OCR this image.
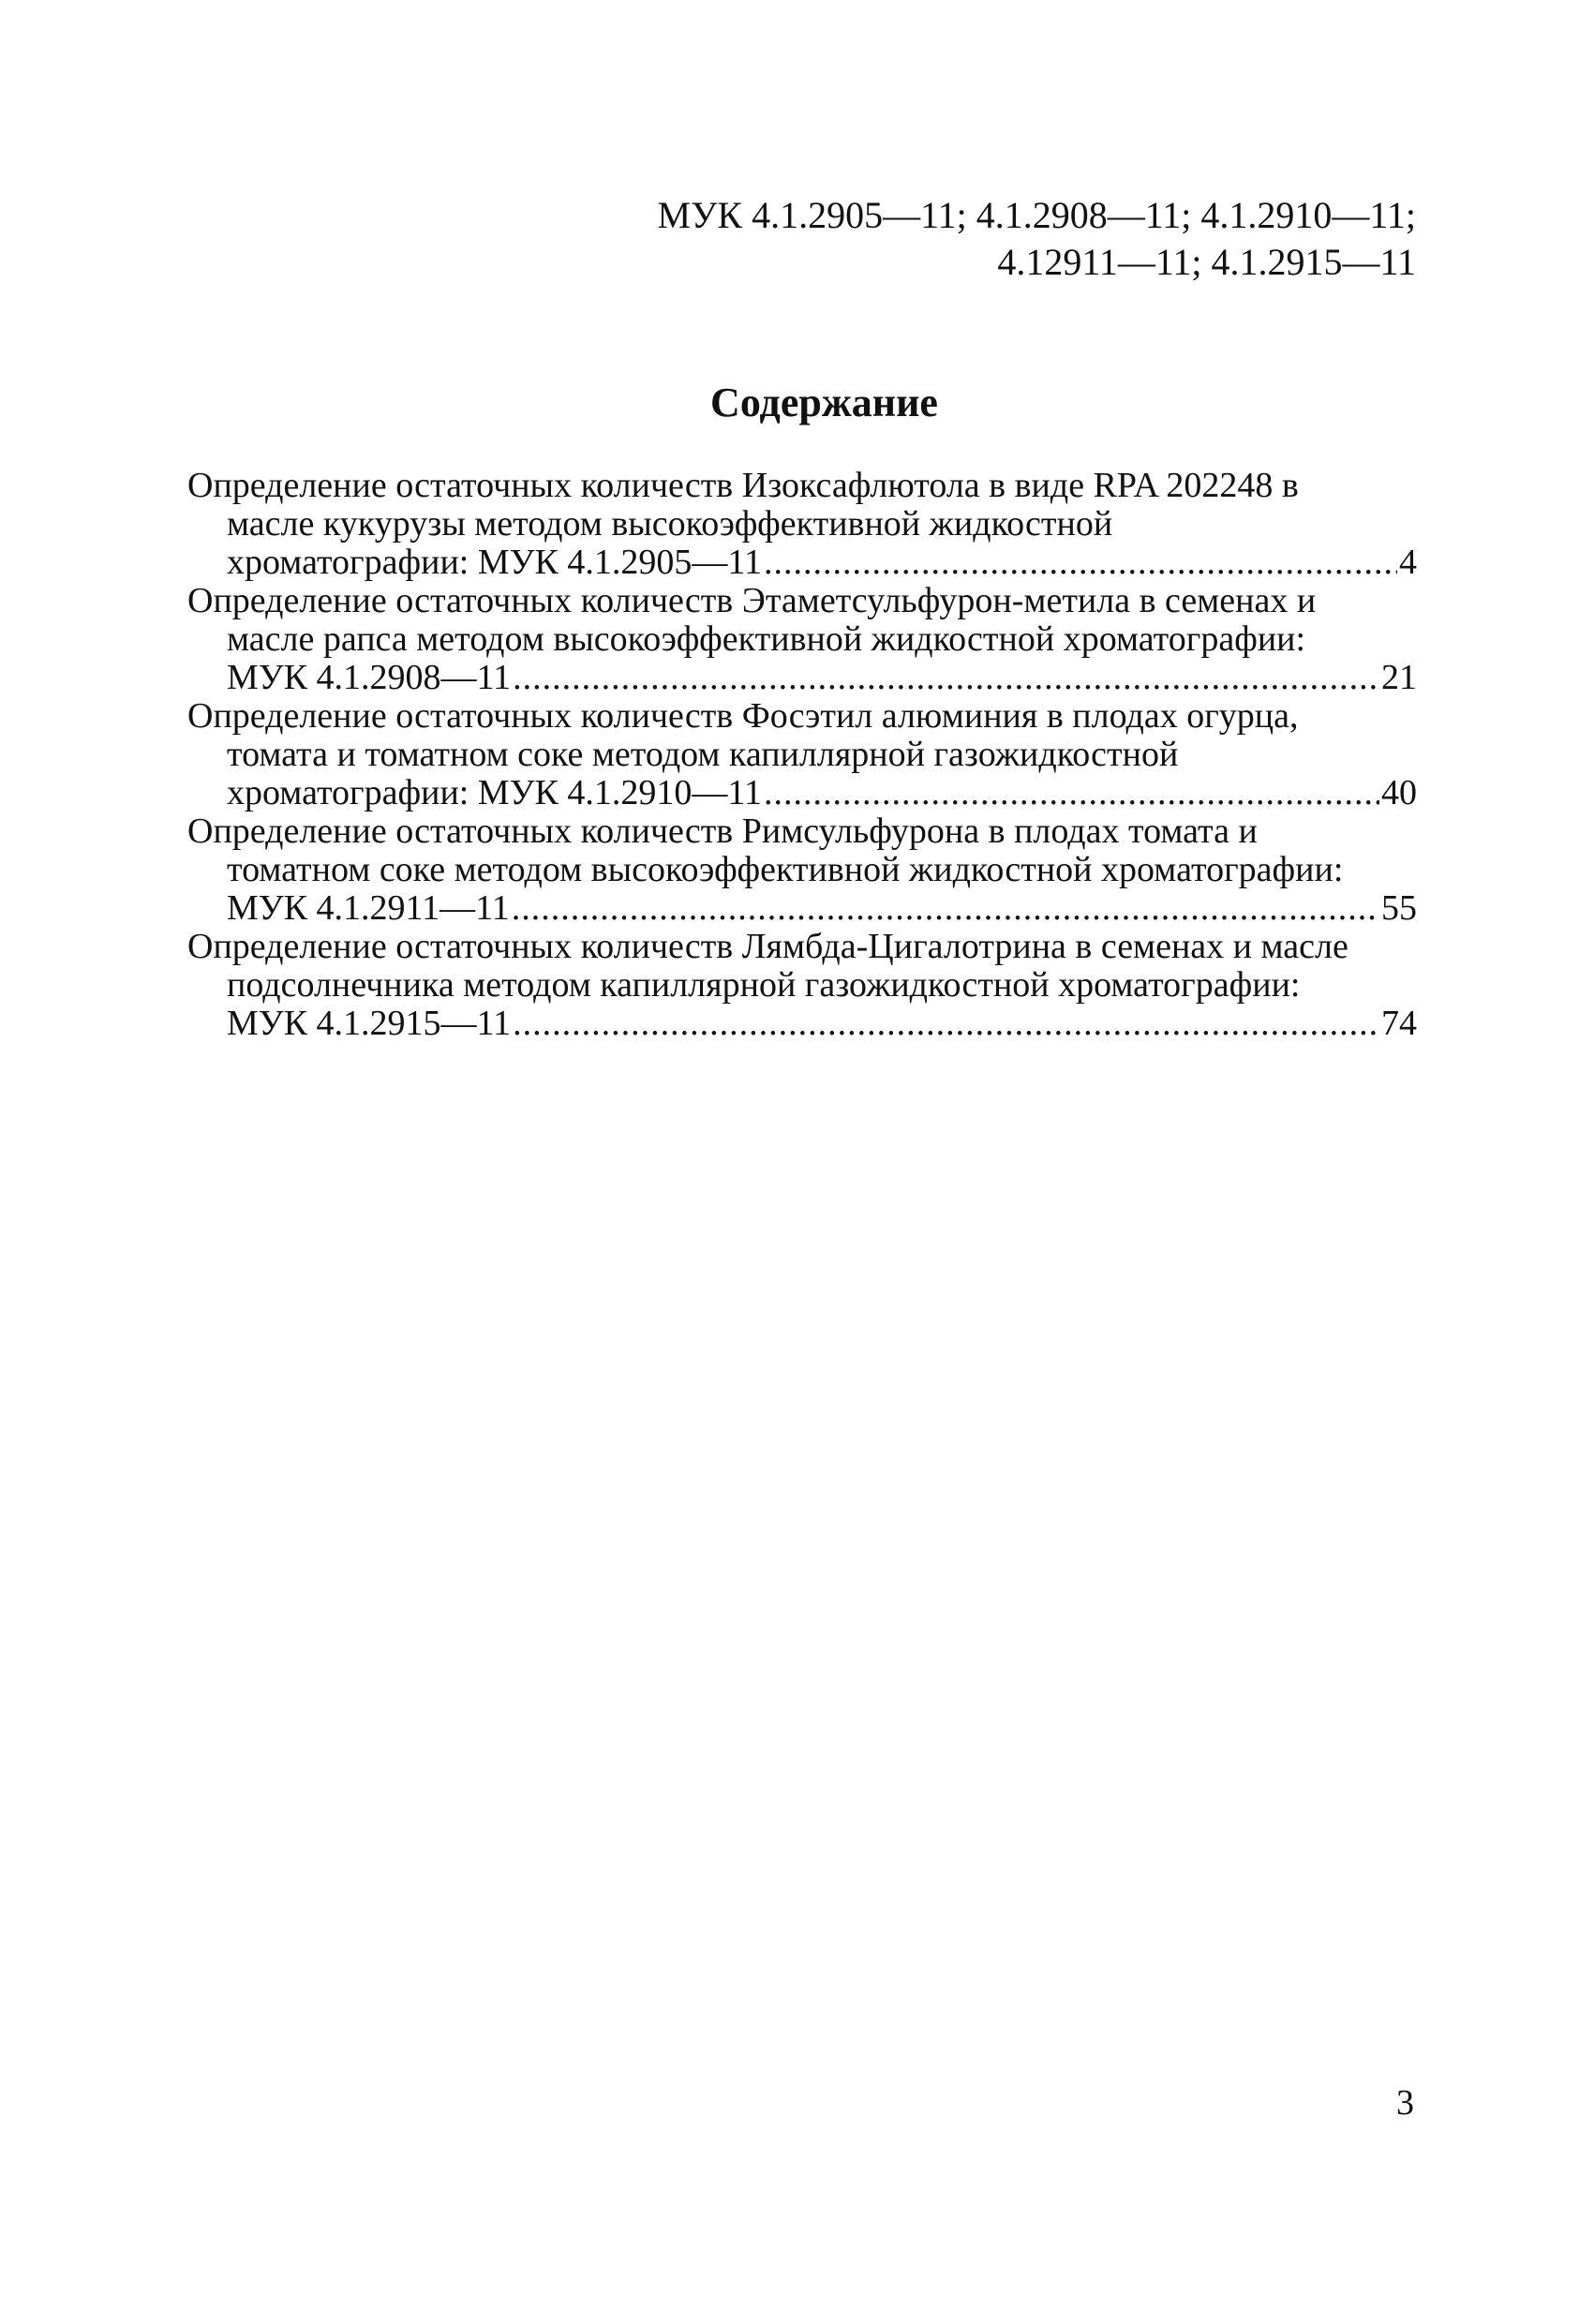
МУК 4.1.2905—11; 4.1.2908—11; 4.1.2910—11;
4.12911—11; 4.1.2915—11
Содержание
Определение остаточных количеств Изоксафлютола в виде RPA 202248 в
масле кукурузы методом высокоэффективной жидкостной
хроматографии: МУК 4.1.2905—11 .....	4
Определение остаточных количеств Этаметсульфурон-метила в семенах и
масле рапса методом высокоэффективной жидкостной хроматографии:
МУК 4.1.2908—11 .....	21
Определение остаточных количеств Фосэтил алюминия в плодах огурца,
томата и томатном соке методом капиллярной газожидкостной
хроматографии: МУК 4.1.2910—11 .....	40
Определение остаточных количеств Римсульфурона в плодах томата и
томатном соке методом высокоэффективной жидкостной хроматографии:
МУК 4.1.2911—11 .....	55
Определение остаточных количеств Лямбда-Цигалотрина в семенах и масле
подсолнечника методом капиллярной газожидкостной хроматографии:
МУК 4.1.2915—11 .....	74
3
